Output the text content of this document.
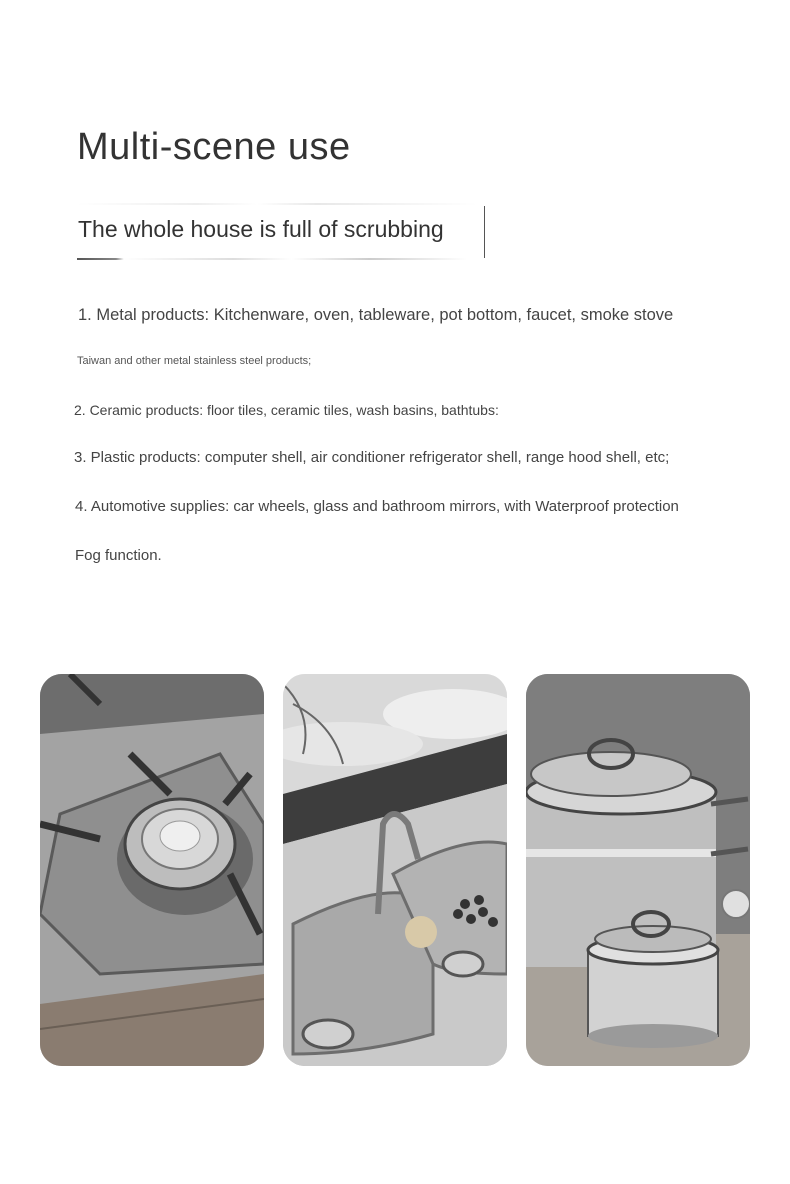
Multi-scene use
The whole house is full of scrubbing
1. Metal products: Kitchenware, oven, tableware, pot bottom, faucet, smoke stove
Taiwan and other metal stainless steel products;
2. Ceramic products: floor tiles, ceramic tiles, wash basins, bathtubs:
3. Plastic products: computer shell, air conditioner refrigerator shell, range hood shell, etc;
4. Automotive supplies: car wheels, glass and bathroom mirrors, with Waterproof protection
Fog function.
